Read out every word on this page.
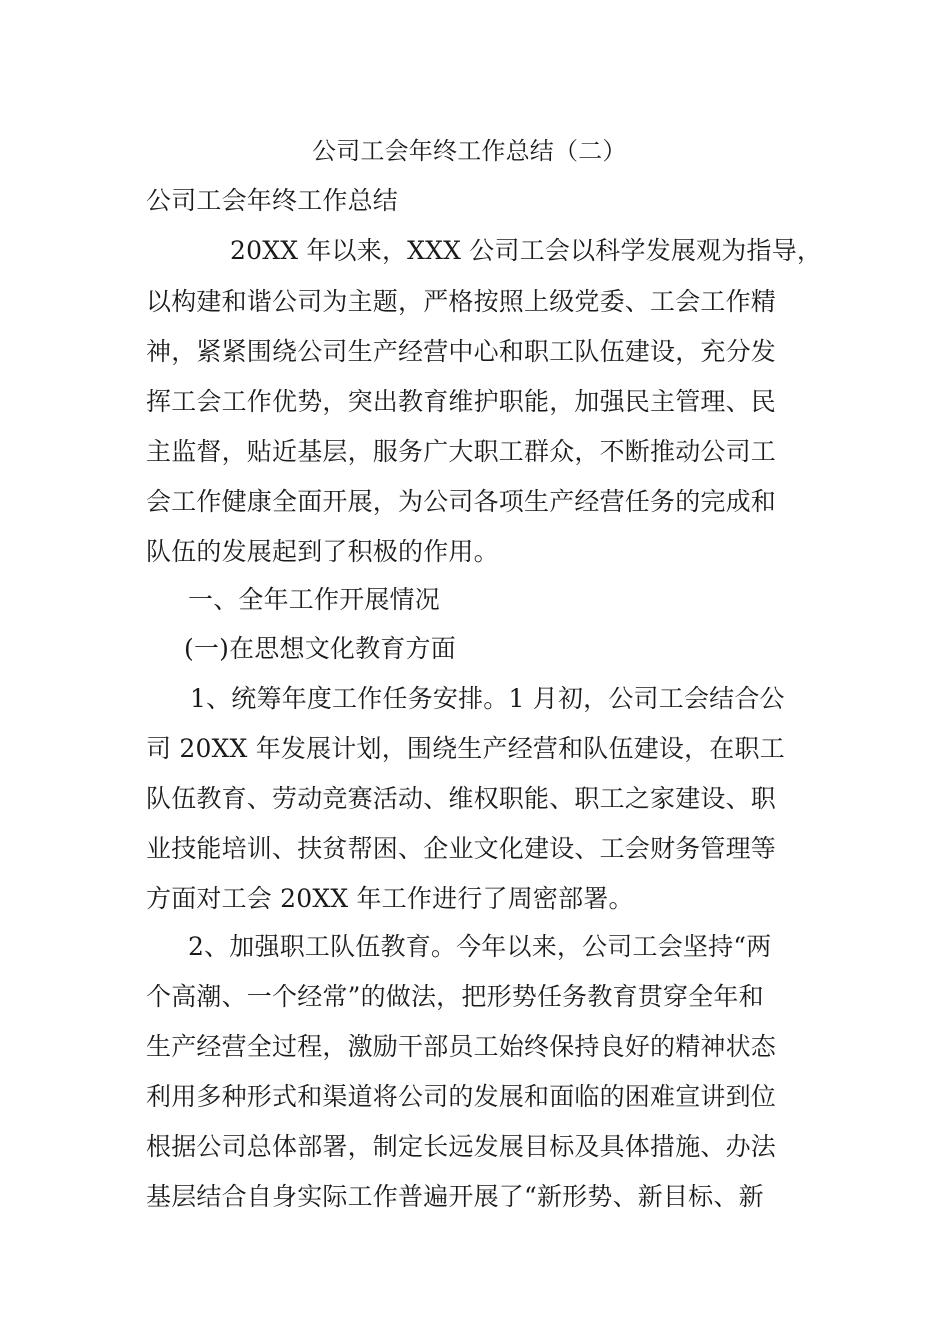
公司工会年终工作总结（二）
公司工会年终工作总结
20XX 年以来，XXX 公司工会以科学发展观为指导，
以构建和谐公司为主题，严格按照上级党委、工会工作精
神，紧紧围绕公司生产经营中心和职工队伍建设，充分发
挥工会工作优势，突出教育维护职能，加强民主管理、民
主监督，贴近基层，服务广大职工群众，不断推动公司工
会工作健康全面开展，为公司各项生产经营任务的完成和
队伍的发展起到了积极的作用。
一、全年工作开展情况
(一)在思想文化教育方面
1、统筹年度工作任务安排。1 月初，公司工会结合公
司 20XX 年发展计划，围绕生产经营和队伍建设，在职工
队伍教育、劳动竞赛活动、维权职能、职工之家建设、职
业技能培训、扶贫帮困、企业文化建设、工会财务管理等
方面对工会 20XX 年工作进行了周密部署。
2、加强职工队伍教育。今年以来，公司工会坚持“两
个高潮、一个经常”的做法，把形势任务教育贯穿全年和
生产经营全过程，激励干部员工始终保持良好的精神状态
利用多种形式和渠道将公司的发展和面临的困难宣讲到位
根据公司总体部署，制定长远发展目标及具体措施、办法
基层结合自身实际工作普遍开展了“新形势、新目标、新
